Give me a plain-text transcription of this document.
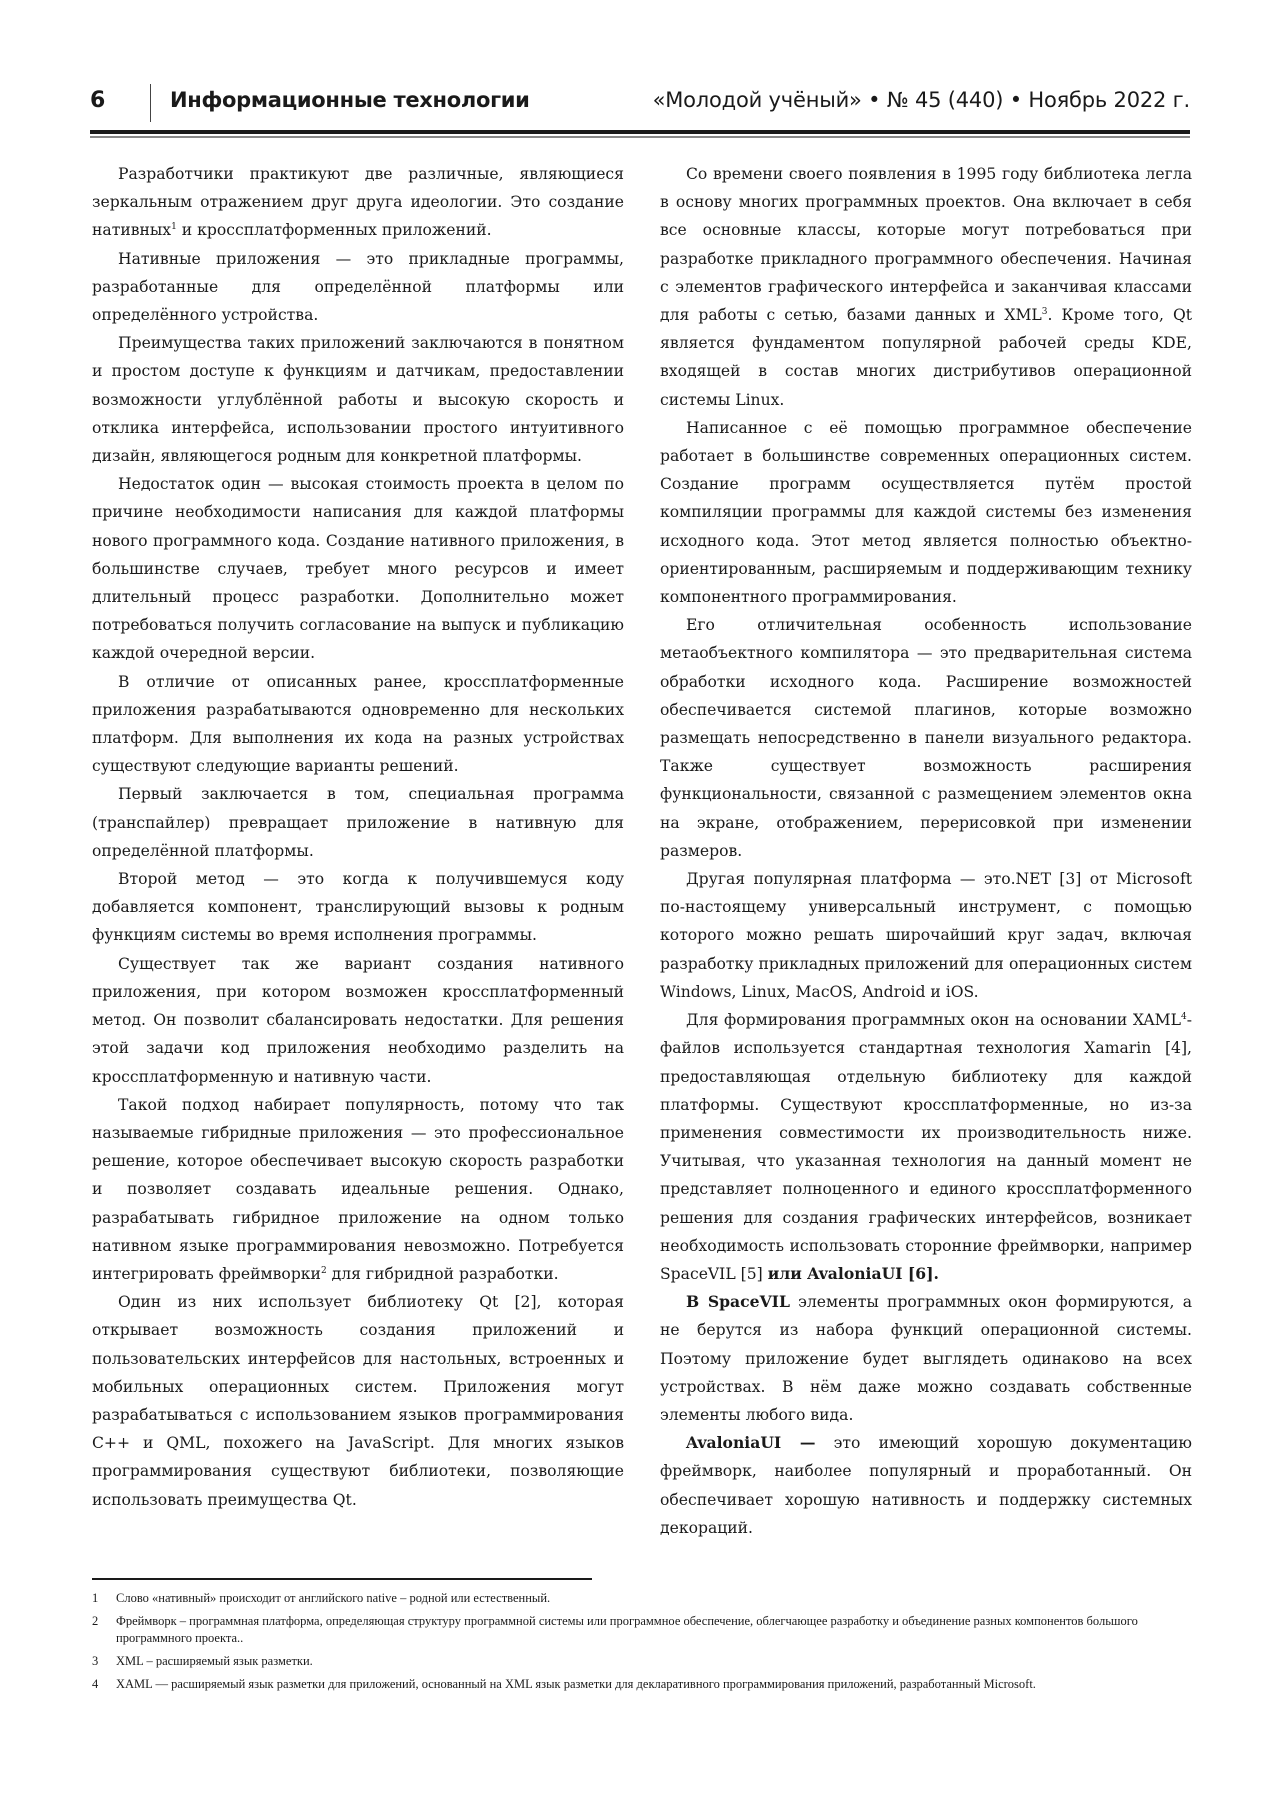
6	Информационные технологии	«Молодой учёный» • № 45 (440) • Ноябрь 2022 г.

Разработчики практикуют две различные, являющиеся зеркальным отражением друг друга идеологии. Это создание нативных$^1$ и кроссплатформенных приложений.

Нативные приложения — это прикладные программы, разработанные для определённой платформы или определённого устройства.

Преимущества таких приложений заключаются в понятном и простом доступе к функциям и датчикам, предоставлении возможности углублённой работы и высокую скорость и отклика интерфейса, использовании простого интуитивного дизайн, являющегося родным для конкретной платформы.

Недостаток один — высокая стоимость проекта в целом по причине необходимости написания для каждой платформы нового программного кода. Создание нативного приложения, в большинстве случаев, требует много ресурсов и имеет длительный процесс разработки. Дополнительно может потребоваться получить согласование на выпуск и публикацию каждой очередной версии.

В отличие от описанных ранее, кроссплатформенные приложения разрабатываются одновременно для нескольких платформ. Для выполнения их кода на разных устройствах существуют следующие варианты решений.

Первый заключается в том, специальная программа (транспайлер) превращает приложение в нативную для определённой платформы.

Второй метод — это когда к получившемуся коду добавляется компонент, транслирующий вызовы к родным функциям системы во время исполнения программы.

Существует так же вариант создания нативного приложения, при котором возможен кроссплатформенный метод. Он позволит сбалансировать недостатки. Для решения этой задачи код приложения необходимо разделить на кроссплатформенную и нативную части.

Такой подход набирает популярность, потому что так называемые гибридные приложения — это профессиональное решение, которое обеспечивает высокую скорость разработки и позволяет создавать идеальные решения. Однако, разрабатывать гибридное приложение на одном только нативном языке программирования невозможно. Потребуется интегрировать фреймворки$^2$ для гибридной разработки.

Один из них использует библиотеку Qt [2], которая открывает возможность создания приложений и пользовательских интерфейсов для настольных, встроенных и мобильных операционных систем. Приложения могут разрабатываться с использованием языков программирования C++ и QML, похожего на JavaScript. Для многих языков программирования существуют библиотеки, позволяющие использовать преимущества Qt.

Со времени своего появления в 1995 году библиотека легла в основу многих программных проектов. Она включает в себя все основные классы, которые могут потребоваться при разработке прикладного программного обеспечения. Начиная с элементов графического интерфейса и заканчивая классами для работы с сетью, базами данных и XML$^3$. Кроме того, Qt является фундаментом популярной рабочей среды KDE, входящей в состав многих дистрибутивов операционной системы Linux.

Написанное с её помощью программное обеспечение работает в большинстве современных операционных систем. Создание программ осуществляется путём простой компиляции программы для каждой системы без изменения исходного кода. Этот метод является полностью объектно-ориентированным, расширяемым и поддерживающим технику компонентного программирования.

Его отличительная особенность использование метаобъектного компилятора — это предварительная система обработки исходного кода. Расширение возможностей обеспечивается системой плагинов, которые возможно размещать непосредственно в панели визуального редактора. Также существует возможность расширения функциональности, связанной с размещением элементов окна на экране, отображением, перерисовкой при изменении размеров.

Другая популярная платформа — это.NET [3] от Microsoft по-настоящему универсальный инструмент, с помощью которого можно решать широчайший круг задач, включая разработку прикладных приложений для операционных систем Windows, Linux, MacOS, Android и iOS.

Для формирования программных окон на основании XAML$^4$-файлов используется стандартная технология Xamarin [4], предоставляющая отдельную библиотеку для каждой платформы. Существуют кроссплатформенные, но из-за применения совместимости их производительность ниже. Учитывая, что указанная технология на данный момент не представляет полноценного и единого кроссплатформенного решения для создания графических интерфейсов, возникает необходимость использовать сторонние фреймворки, например SpaceVIL [5] или AvaloniaUI [6].

В SpaceVIL элементы программных окон формируются, а не берутся из набора функций операционной системы. Поэтому приложение будет выглядеть одинаково на всех устройствах. В нём даже можно создавать собственные элементы любого вида.

AvaloniaUI — это имеющий хорошую документацию фреймворк, наиболее популярный и проработанный. Он обеспечивает хорошую нативность и поддержку системных декораций.

1	Слово «нативный» происходит от английского native – родной или естественный.
2	Фреймворк – программная платформа, определяющая структуру программной системы или программное обеспечение, облегчающее разработку и объединение разных компонентов большого программного проекта..
3	XML – расширяемый язык разметки.
4	XAML — расширяемый язык разметки для приложений, основанный на XML язык разметки для декларативного программирования приложений, разработанный Microsoft.
